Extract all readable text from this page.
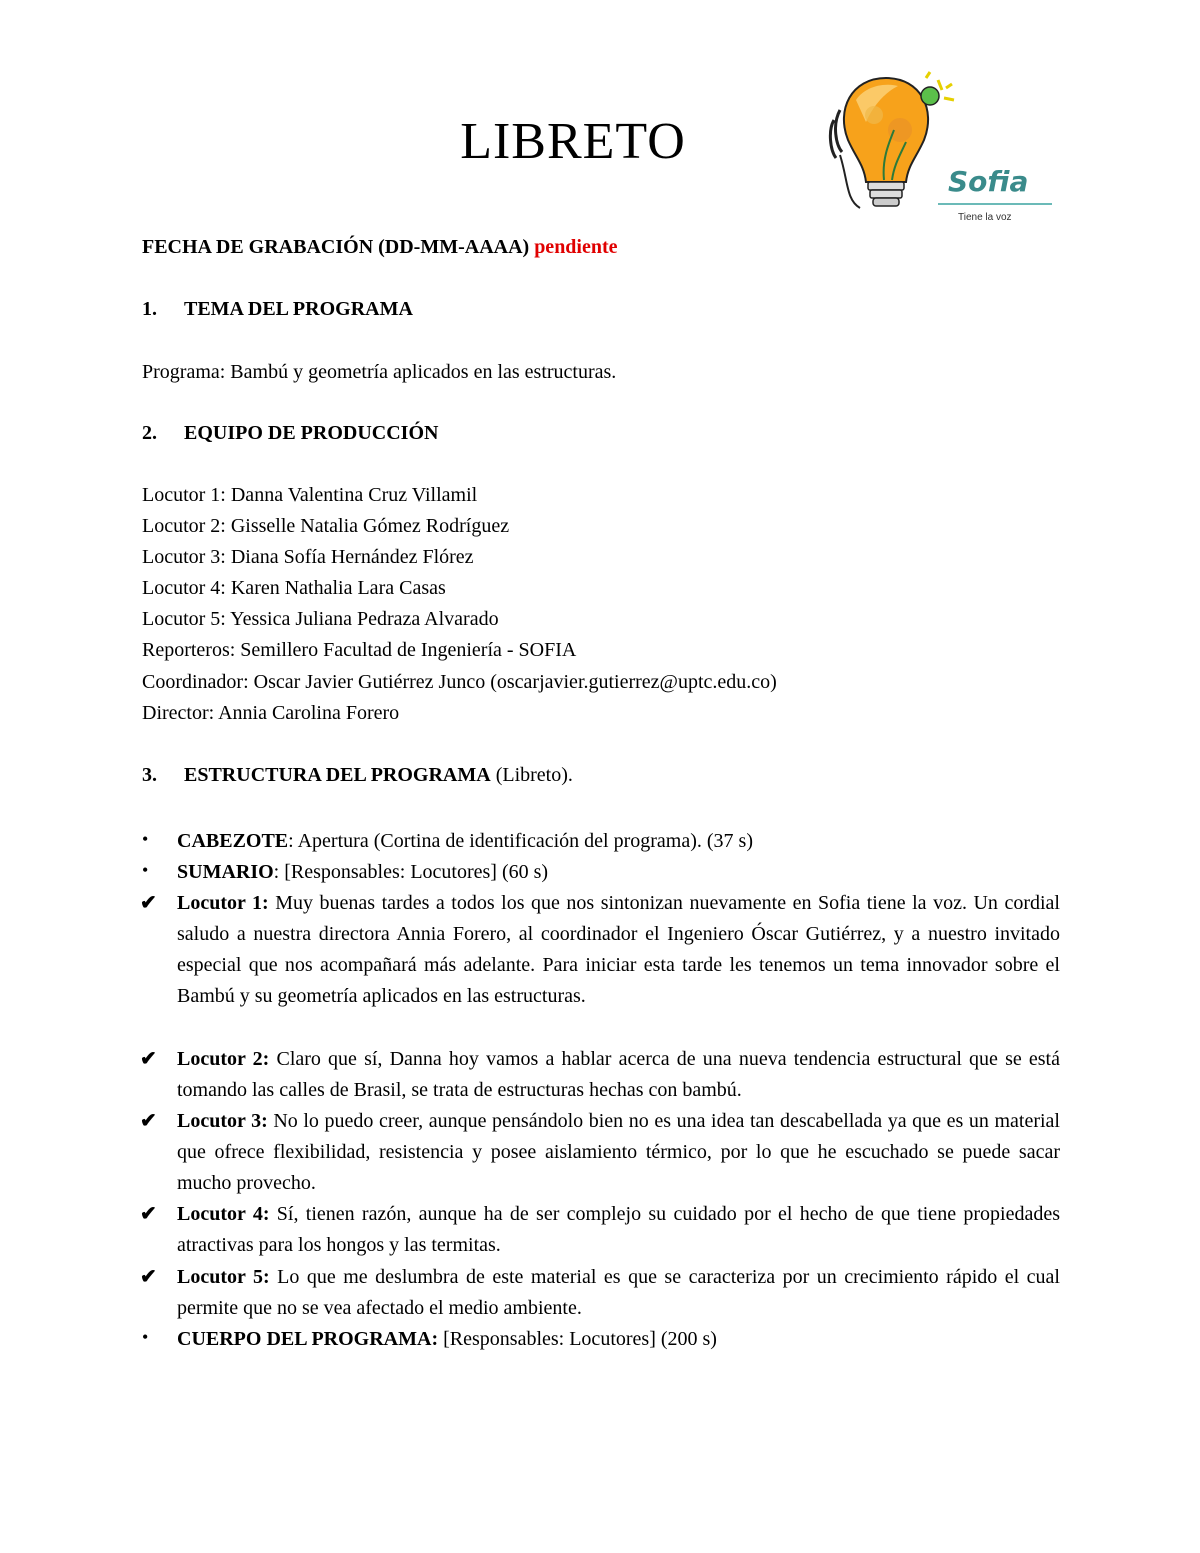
LIBRETO
Sofia
Tiene la voz
FECHA DE GRABACIÓN (DD-MM-AAAA) pendiente
1. TEMA DEL PROGRAMA
Programa: Bambú y geometría aplicados en las estructuras.
2. EQUIPO DE PRODUCCIÓN
Locutor 1: Danna Valentina Cruz Villamil
Locutor 2: Gisselle Natalia Gómez Rodríguez
Locutor 3: Diana Sofía Hernández Flórez
Locutor 4: Karen Nathalia Lara Casas
Locutor 5: Yessica Juliana Pedraza Alvarado
Reporteros: Semillero Facultad de Ingeniería - SOFIA
Coordinador: Oscar Javier Gutiérrez Junco (oscarjavier.gutierrez@uptc.edu.co)
Director: Annia Carolina Forero
3. ESTRUCTURA DEL PROGRAMA (Libreto).
• CABEZOTE: Apertura (Cortina de identificación del programa). (37 s)
• SUMARIO: [Responsables: Locutores] (60 s)
✔ Locutor 1: Muy buenas tardes a todos los que nos sintonizan nuevamente en Sofia tiene la voz. Un cordial saludo a nuestra directora Annia Forero, al coordinador el Ingeniero Óscar Gutiérrez, y a nuestro invitado especial que nos acompañará más adelante. Para iniciar esta tarde les tenemos un tema innovador sobre el Bambú y su geometría aplicados en las estructuras.
✔ Locutor 2: Claro que sí, Danna hoy vamos a hablar acerca de una nueva tendencia estructural que se está tomando las calles de Brasil, se trata de estructuras hechas con bambú.
✔ Locutor 3: No lo puedo creer, aunque pensándolo bien no es una idea tan descabellada ya que es un material que ofrece flexibilidad, resistencia y posee aislamiento térmico, por lo que he escuchado se puede sacar mucho provecho.
✔ Locutor 4: Sí, tienen razón, aunque ha de ser complejo su cuidado por el hecho de que tiene propiedades atractivas para los hongos y las termitas.
✔ Locutor 5: Lo que me deslumbra de este material es que se caracteriza por un crecimiento rápido el cual permite que no se vea afectado el medio ambiente.
• CUERPO DEL PROGRAMA: [Responsables: Locutores] (200 s)
